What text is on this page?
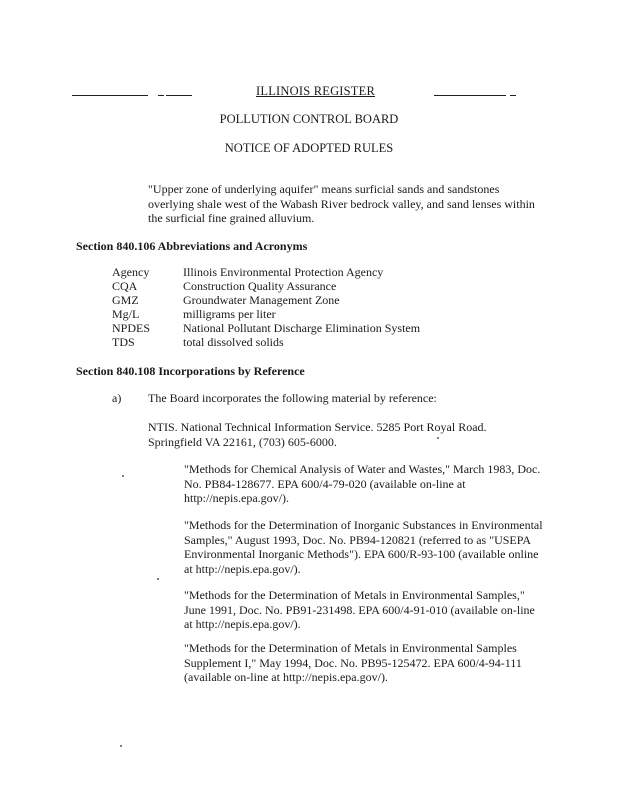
ILLINOIS REGISTER
POLLUTION CONTROL BOARD
NOTICE OF ADOPTED RULES
"Upper zone of underlying aquifer" means surficial sands and sandstones
overlying shale west of the Wabash River bedrock valley, and sand lenses within
the surficial fine grained alluvium.
Section 840.106 Abbreviations and Acronyms
Agency	Illinois Environmental Protection Agency
CQA	Construction Quality Assurance
GMZ	Groundwater Management Zone
Mg/L	milligrams per liter
NPDES	National Pollutant Discharge Elimination System
TDS	total dissolved solids
Section 840.108 Incorporations by Reference
a) The Board incorporates the following material by reference:
NTIS. National Technical Information Service. 5285 Port Royal Road.
Springfield VA 22161, (703) 605-6000.
"Methods for Chemical Analysis of Water and Wastes," March 1983, Doc.
No. PB84-128677. EPA 600/4-79-020 (available on-line at
http://nepis.epa.gov/).
"Methods for the Determination of Inorganic Substances in Environmental
Samples," August 1993, Doc. No. PB94-120821 (referred to as "USEPA
Environmental Inorganic Methods"). EPA 600/R-93-100 (available online
at http://nepis.epa.gov/).
"Methods for the Determination of Metals in Environmental Samples,"
June 1991, Doc. No. PB91-231498. EPA 600/4-91-010 (available on-line
at http://nepis.epa.gov/).
"Methods for the Determination of Metals in Environmental Samples
Supplement I," May 1994, Doc. No. PB95-125472. EPA 600/4-94-111
(available on-line at http://nepis.epa.gov/).
